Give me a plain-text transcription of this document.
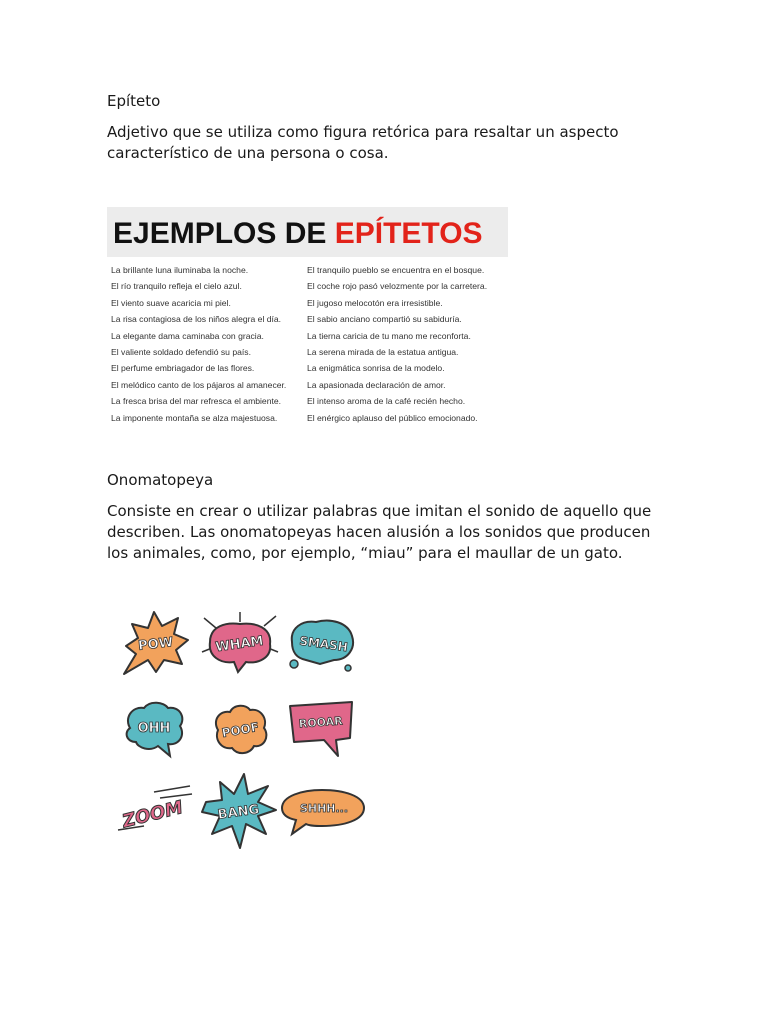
Epíteto
Adjetivo que se utiliza como figura retórica para resaltar un aspecto característico de una persona o cosa.
EJEMPLOS DE EPÍTETOS
La brillante luna iluminaba la noche.
El río tranquilo refleja el cielo azul.
El viento suave acaricia mi piel.
La risa contagiosa de los niños alegra el día.
La elegante dama caminaba con gracia.
El valiente soldado defendió su país.
El perfume embriagador de las flores.
El melódico canto de los pájaros al amanecer.
La fresca brisa del mar refresca el ambiente.
La imponente montaña se alza majestuosa.
El tranquilo pueblo se encuentra en el bosque.
El coche rojo pasó velozmente por la carretera.
El jugoso melocotón era irresistible.
El sabio anciano compartió su sabiduría.
La tierna caricia de tu mano me reconforta.
La serena mirada de la estatua antigua.
La enigmática sonrisa de la modelo.
La apasionada declaración de amor.
El intenso aroma de la café recién hecho.
El enérgico aplauso del público emocionado.
Onomatopeya
Consiste en crear o utilizar palabras que imitan el sonido de aquello que describen. Las onomatopeyas hacen alusión a los sonidos que producen los animales, como, por ejemplo, “miau” para el maullar de un gato.
POW	WHAM	SMASH
OHH	POOF	ROOAR
ZOOM BANG	SHHH...
